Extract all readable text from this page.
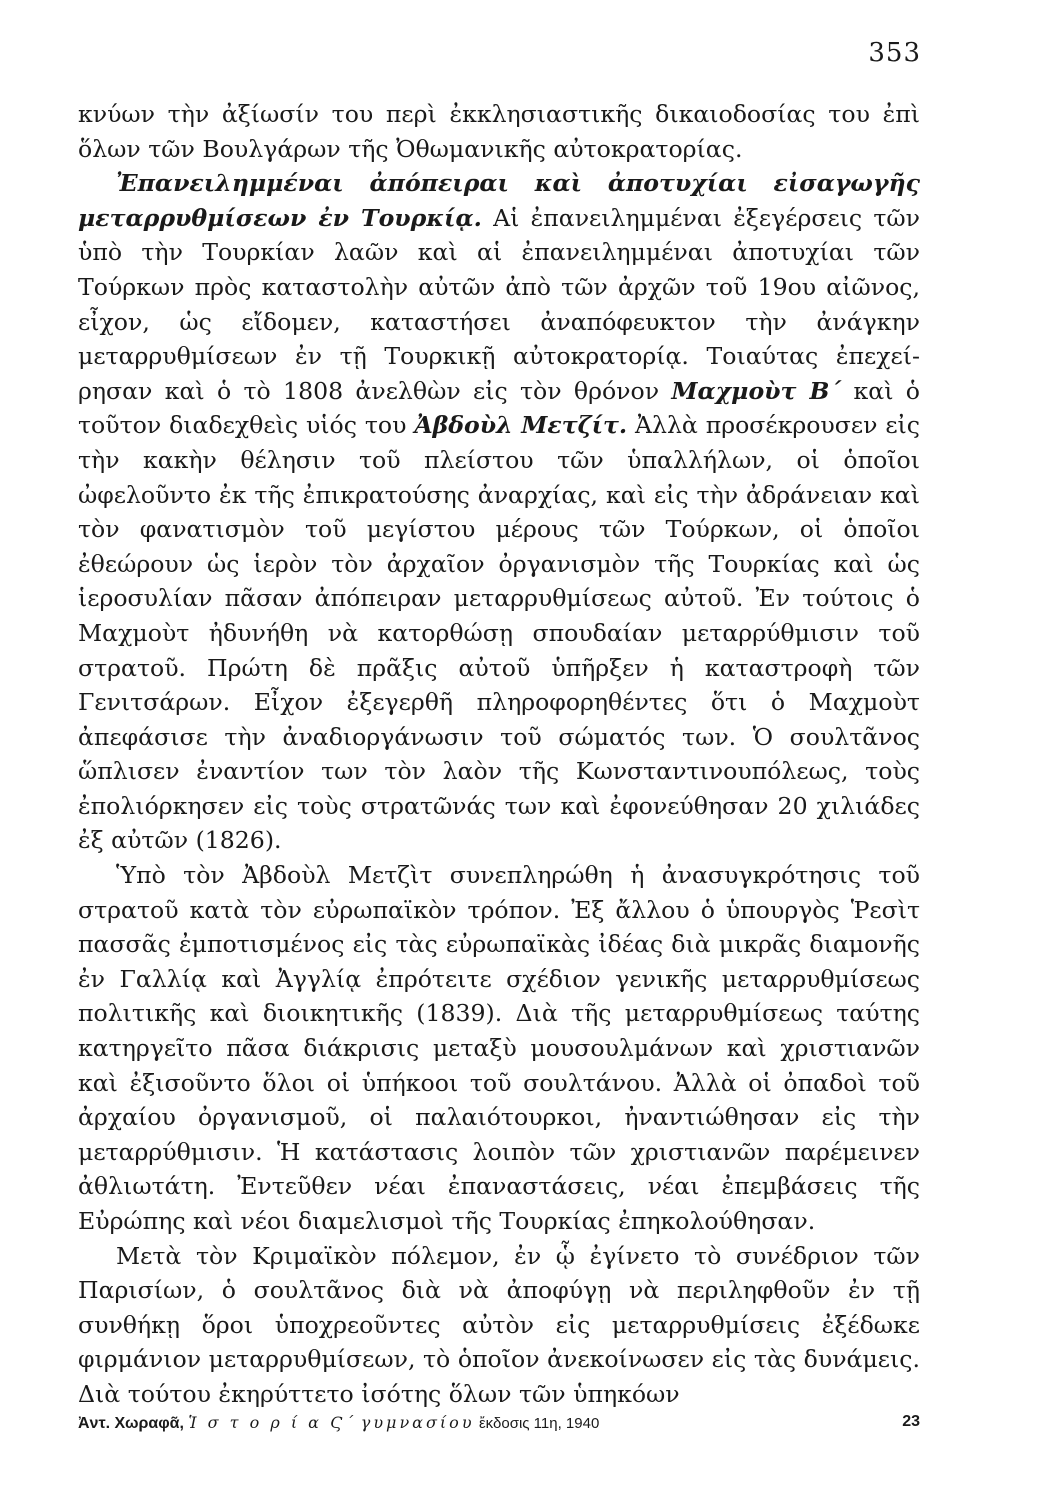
353

κνύων τὴν ἀξίωσίν του περὶ ἐκκλησιαστικῆς δικαιοδοσίας του ἐπὶ ὅλων τῶν Βουλγάρων τῆς Ὀθωμανικῆς αὐτοκρατορίας.

Ἐπανειλημμέναι ἀπόπειραι καὶ ἀποτυχίαι εἰσαγωγῆς μεταρρυθμίσεων ἐν Τουρκίᾳ. Αἱ ἐπανειλημμέναι ἐξεγέρσεις τῶν ὑπὸ τὴν Τουρκίαν λαῶν καὶ αἱ ἐπανειλημμέναι ἀποτυχίαι τῶν Τούρκων πρὸς καταστολὴν αὐτῶν ἀπὸ τῶν ἀρχῶν τοῦ 19ου αἰῶνος, εἶχον, ὡς εἴδομεν, καταστήσει ἀναπόφευκτον τὴν ἀνάγκην μεταρρυθμίσεων ἐν τῇ Τουρκικῇ αὐτοκρατορίᾳ. Τοιαύτας ἐπεχείρησαν καὶ ὁ τὸ 1808 ἀνελθὼν εἰς τὸν θρόνον Μαχμοὺτ Β΄ καὶ ὁ τοῦτον διαδεχθεὶς υἱός του Ἀβδοὺλ Μετζίτ. Ἀλλὰ προσέκρουσεν εἰς τὴν κακὴν θέλησιν τοῦ πλείστου τῶν ὑπαλλήλων, οἱ ὁποῖοι ὠφελοῦντο ἐκ τῆς ἐπικρατούσης ἀναρχίας, καὶ εἰς τὴν ἀδράνειαν καὶ τὸν φανατισμὸν τοῦ μεγίστου μέρους τῶν Τούρκων, οἱ ὁποῖοι ἐθεώρουν ὡς ἱερὸν τὸν ἀρχαῖον ὀργανισμὸν τῆς Τουρκίας καὶ ὡς ἱεροσυλίαν πᾶσαν ἀπόπειραν μεταρρυθμίσεως αὐτοῦ. Ἐν τούτοις ὁ Μαχμοὺτ ἠδυνήθη νὰ κατορθώσῃ σπουδαίαν μεταρρύθμισιν τοῦ στρατοῦ. Πρώτη δὲ πρᾶξις αὐτοῦ ὑπῆρξεν ἡ καταστροφὴ τῶν Γενιτσάρων. Εἶχον ἐξεγερθῆ πληροφορηθέντες ὅτι ὁ Μαχμοὺτ ἀπεφάσισε τὴν ἀναδιοργάνωσιν τοῦ σώματός των. Ὁ σουλτᾶνος ὥπλισεν ἐναντίον των τὸν λαὸν τῆς Κωνσταντινουπόλεως, τοὺς ἐπολιόρκησεν εἰς τοὺς στρατῶνάς των καὶ ἐφονεύθησαν 20 χιλιάδες ἐξ αὐτῶν (1826).

Ὑπὸ τὸν Ἀβδοὺλ Μετζὶτ συνεπληρώθη ἡ ἀνασυγκρότησις τοῦ στρατοῦ κατὰ τὸν εὐρωπαϊκὸν τρόπον. Ἐξ ἄλλου ὁ ὑπουργὸς Ῥεσὶτ πασσᾶς ἐμποτισμένος εἰς τὰς εὐρωπαϊκὰς ἰδέας διὰ μικρᾶς διαμονῆς ἐν Γαλλίᾳ καὶ Ἀγγλίᾳ ἐπρότειτε σχέδιον γενικῆς μεταρρυθμίσεως πολιτικῆς καὶ διοικητικῆς (1839). Διὰ τῆς μεταρρυθμίσεως ταύτης κατηργεῖτο πᾶσα διάκρισις μεταξὺ μουσουλμάνων καὶ χριστιανῶν καὶ ἐξισοῦντο ὅλοι οἱ ὑπήκοοι τοῦ σουλτάνου. Ἀλλὰ οἱ ὀπαδοὶ τοῦ ἀρχαίου ὀργανισμοῦ, οἱ παλαιότουρκοι, ἠναντιώθησαν εἰς τὴν μεταρρύθμισιν. Ἡ κατάστασις λοιπὸν τῶν χριστιανῶν παρέμεινεν ἀθλιωτάτη. Ἐντεῦθεν νέαι ἐπαναστάσεις, νέαι ἐπεμβάσεις τῆς Εὐρώπης καὶ νέοι διαμελισμοὶ τῆς Τουρκίας ἐπηκολούθησαν.

Μετὰ τὸν Κριμαϊκὸν πόλεμον, ἐν ᾧ ἐγίνετο τὸ συνέδριον τῶν Παρισίων, ὁ σουλτᾶνος διὰ νὰ ἀποφύγῃ νὰ περιληφθοῦν ἐν τῇ συνθήκῃ ὅροι ὑποχρεοῦντες αὐτὸν εἰς μεταρρυθμίσεις ἐξέδωκε φιρμάνιον μεταρρυθμίσεων, τὸ ὁποῖον ἀνεκοίνωσεν εἰς τὰς δυνάμεις. Διὰ τούτου ἐκηρύττετο ἰσότης ὅλων τῶν ὑπηκόων

Ἀντ. Χωραφᾶ, Ἱ σ τ ο ρ ί α Ϛ΄ γυμνασίου ἔκδοσις 11η, 1940	23
